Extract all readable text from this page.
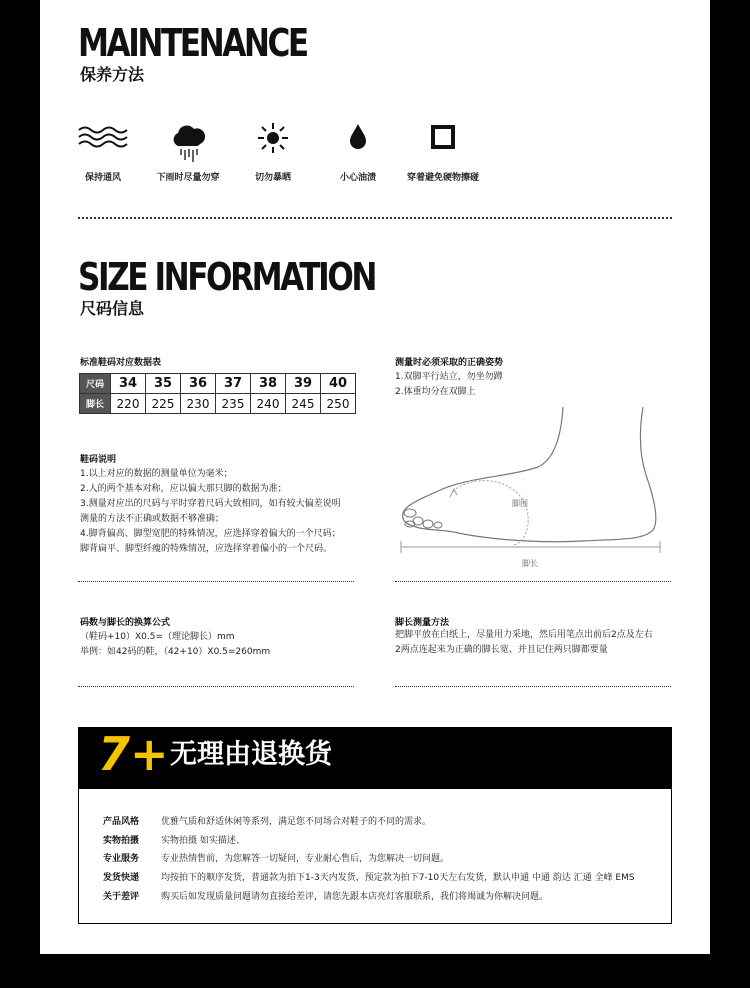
MAINTENANCE
保养方法
保持通风	下雨时尽量勿穿	切勿暴晒	小心油渍	穿着避免硬物擦碰
SIZE INFORMATION
尺码信息
标准鞋码对应数据表
尺码	34	35	36	37	38	39	40
脚长	220	225	230	235	240	245	250
鞋码说明
1.以上对应的数据的测量单位为毫米；
2.人的两个基本对称，应以偏大那只脚的数据为准；
3.测量对应出的尺码与平时穿着尺码大致相同，如有较大偏差说明
测量的方法不正确或数据不够准确；
4.脚背偏高、脚型宽肥的特殊情况，应选择穿着偏大的一个尺码；
脚背扁平、脚型纤瘦的特殊情况，应选择穿着偏小的一个尺码。
测量时必须采取的正确姿势
1.双脚平行站立，勿坐勿蹲
2.体重均分在双脚上
脚围
脚长
码数与脚长的换算公式
（鞋码+10）X0.5=（理论脚长）mm
举例：如42码的鞋，（42+10）X0.5=260mm
脚长测量方法
把脚平放在白纸上，尽量用力采地，然后用笔点出前后2点及左右
2两点连起来为正确的脚长宽、并且记住两只脚都要量
7+ 无理由退换货
产品风格 优雅气质和舒适休闲等系列，满足您不同场合对鞋子的不同的需求。
实物拍摄 实物拍摄 如实描述、
专业服务 专业热情售前，为您解答一切疑问，专业耐心售后，为您解决一切问题。
发货快递 均按拍下的顺序发货，普通款为拍下1-3天内发货，预定款为拍下7-10天左右发货，默认申通 中通 韵达 汇通 全峰 EMS
关于差评 购买后如发现质量问题请勿直接给差评，请您先跟本店亮灯客服联系，我们将竭诚为你解决问题。
